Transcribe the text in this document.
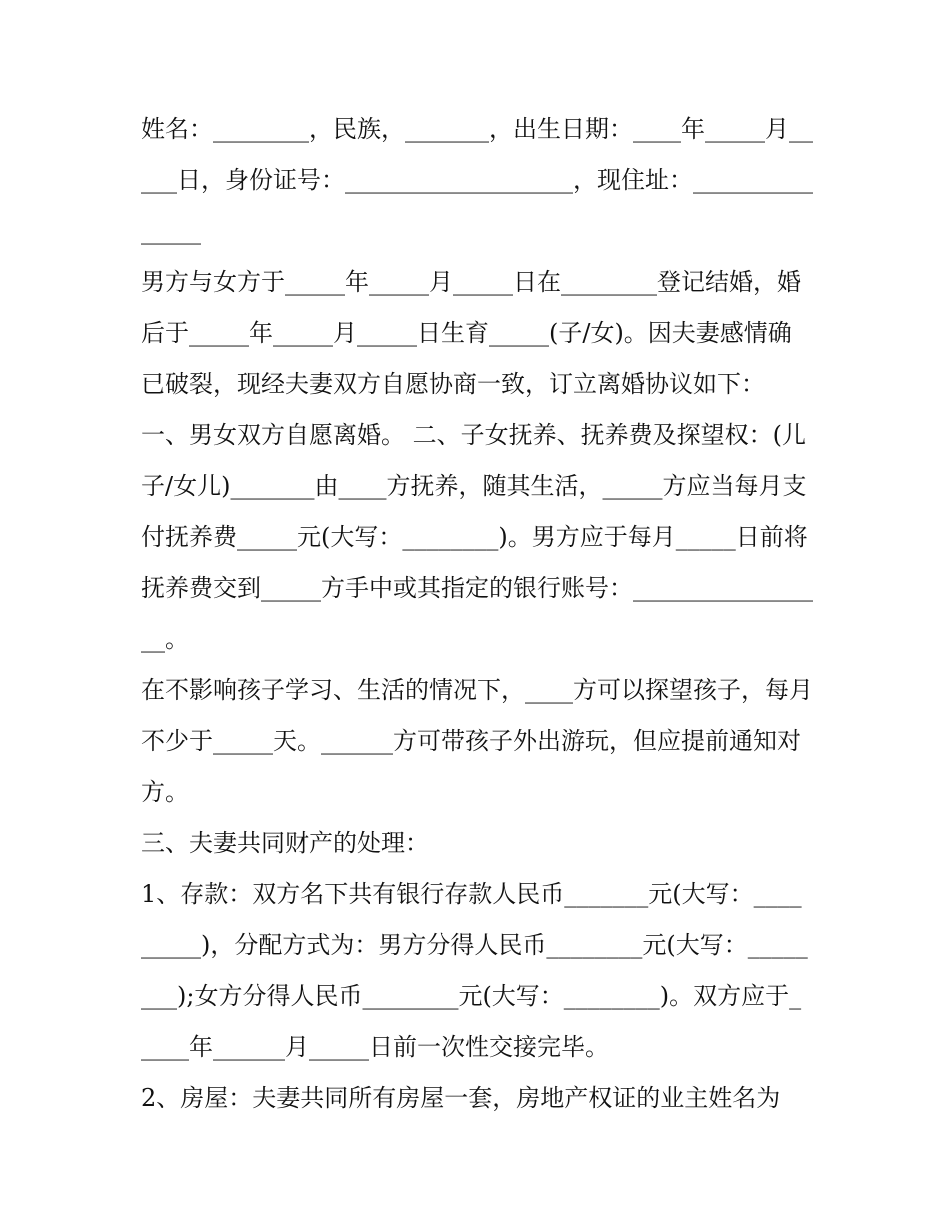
姓名：________，民族，_______，出生日期：____年_____月_____日，身份证号：___________________，现住址：_______________

男方与女方于_____年_____月_____日在________登记结婚，婚后于_____年_____月_____日生育_____(子/女)。因夫妻感情确已破裂，现经夫妻双方自愿协商一致，订立离婚协议如下：

一、男女双方自愿离婚。 二、子女抚养、抚养费及探望权：(儿子/女儿)_______由____方抚养，随其生活，_____方应当每月支付抚养费_____元(大写：________)。男方应于每月_____日前将抚养费交到_____方手中或其指定的银行账号：_________________。

在不影响孩子学习、生活的情况下，____方可以探望孩子，每月不少于_____天。______方可带孩子外出游玩，但应提前通知对方。

三、夫妻共同财产的处理：

1、存款：双方名下共有银行存款人民币_______元(大写：_________)，分配方式为：男方分得人民币________元(大写：________);女方分得人民币________元(大写：________)。双方应于_____年______月_____日前一次性交接完毕。

2、房屋：夫妻共同所有房屋一套，房地产权证的业主姓名为
